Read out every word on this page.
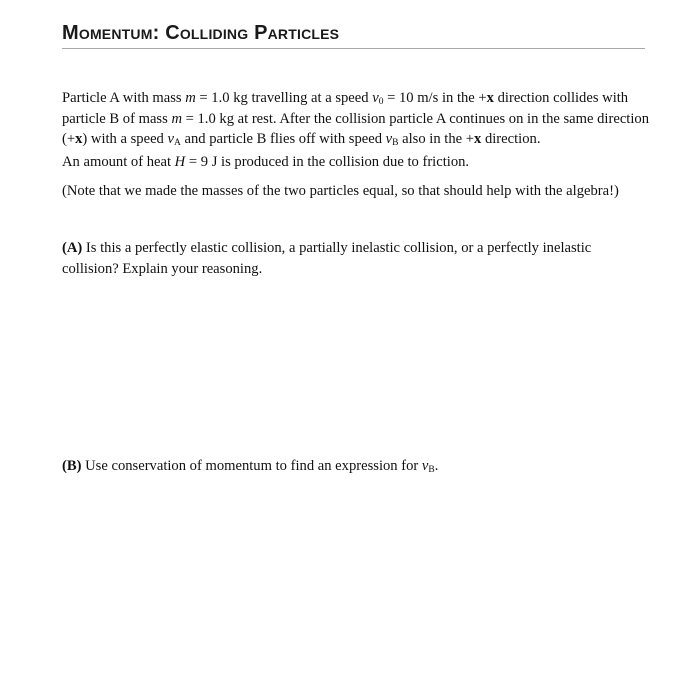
Momentum: Colliding Particles

Particle A with mass m = 1.0 kg travelling at a speed $v_0 = 10$ m/s in the +x direction collides with particle B of mass m = 1.0 kg at rest. After the collision particle A continues on in the same direction (+x) with a speed $v_A$ and particle B flies off with speed $v_B$ also in the +x direction.

An amount of heat H = 9 J is produced in the collision due to friction.

(Note that we made the masses of the two particles equal, so that should help with the algebra!)

(A) Is this a perfectly elastic collision, a partially inelastic collision, or a perfectly inelastic collision? Explain your reasoning.

(B) Use conservation of momentum to find an expression for $v_B$.
